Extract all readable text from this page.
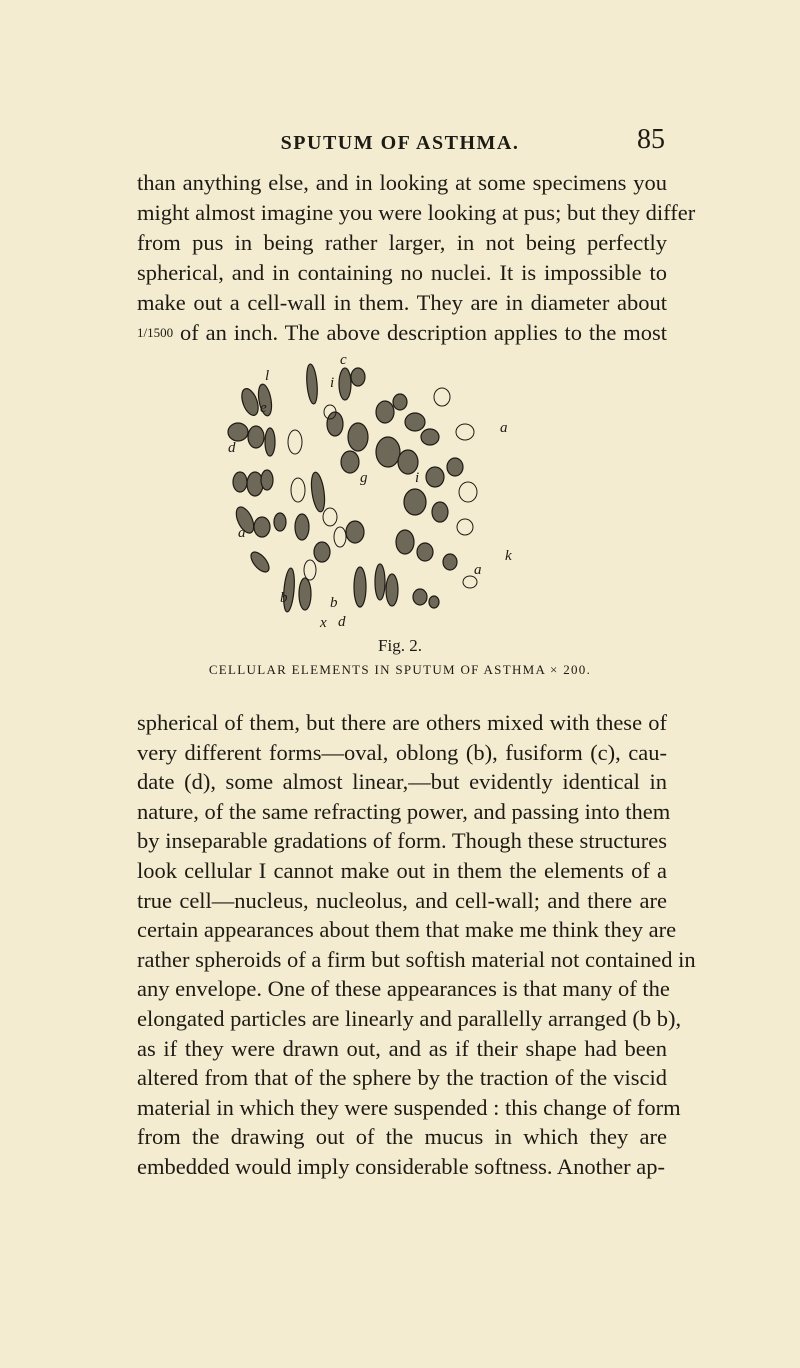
SPUTUM OF ASTHMA.	85
than anything else, and in looking at some specimens you
might almost imagine you were looking at pus; but they differ
from pus in being rather larger, in not being perfectly
spherical, and in containing no nuclei. It is impossible to
make out a cell-wall in them. They are in diameter about
1/1500 of an inch. The above description applies to the most
c
l
e
i
d
a
g	i
a
b	b
x d
k
a
Fig. 2.
CELLULAR ELEMENTS IN SPUTUM OF ASTHMA × 200.
spherical of them, but there are others mixed with these of
very different forms—oval, oblong (b), fusiform (c), cau-
date (d), some almost linear,—but evidently identical in
nature, of the same refracting power, and passing into them
by inseparable gradations of form. Though these structures
look cellular I cannot make out in them the elements of a
true cell—nucleus, nucleolus, and cell-wall; and there are
certain appearances about them that make me think they are
rather spheroids of a firm but softish material not contained in
any envelope. One of these appearances is that many of the
elongated particles are linearly and parallelly arranged (b b),
as if they were drawn out, and as if their shape had been
altered from that of the sphere by the traction of the viscid
material in which they were suspended : this change of form
from the drawing out of the mucus in which they are
embedded would imply considerable softness. Another ap-
